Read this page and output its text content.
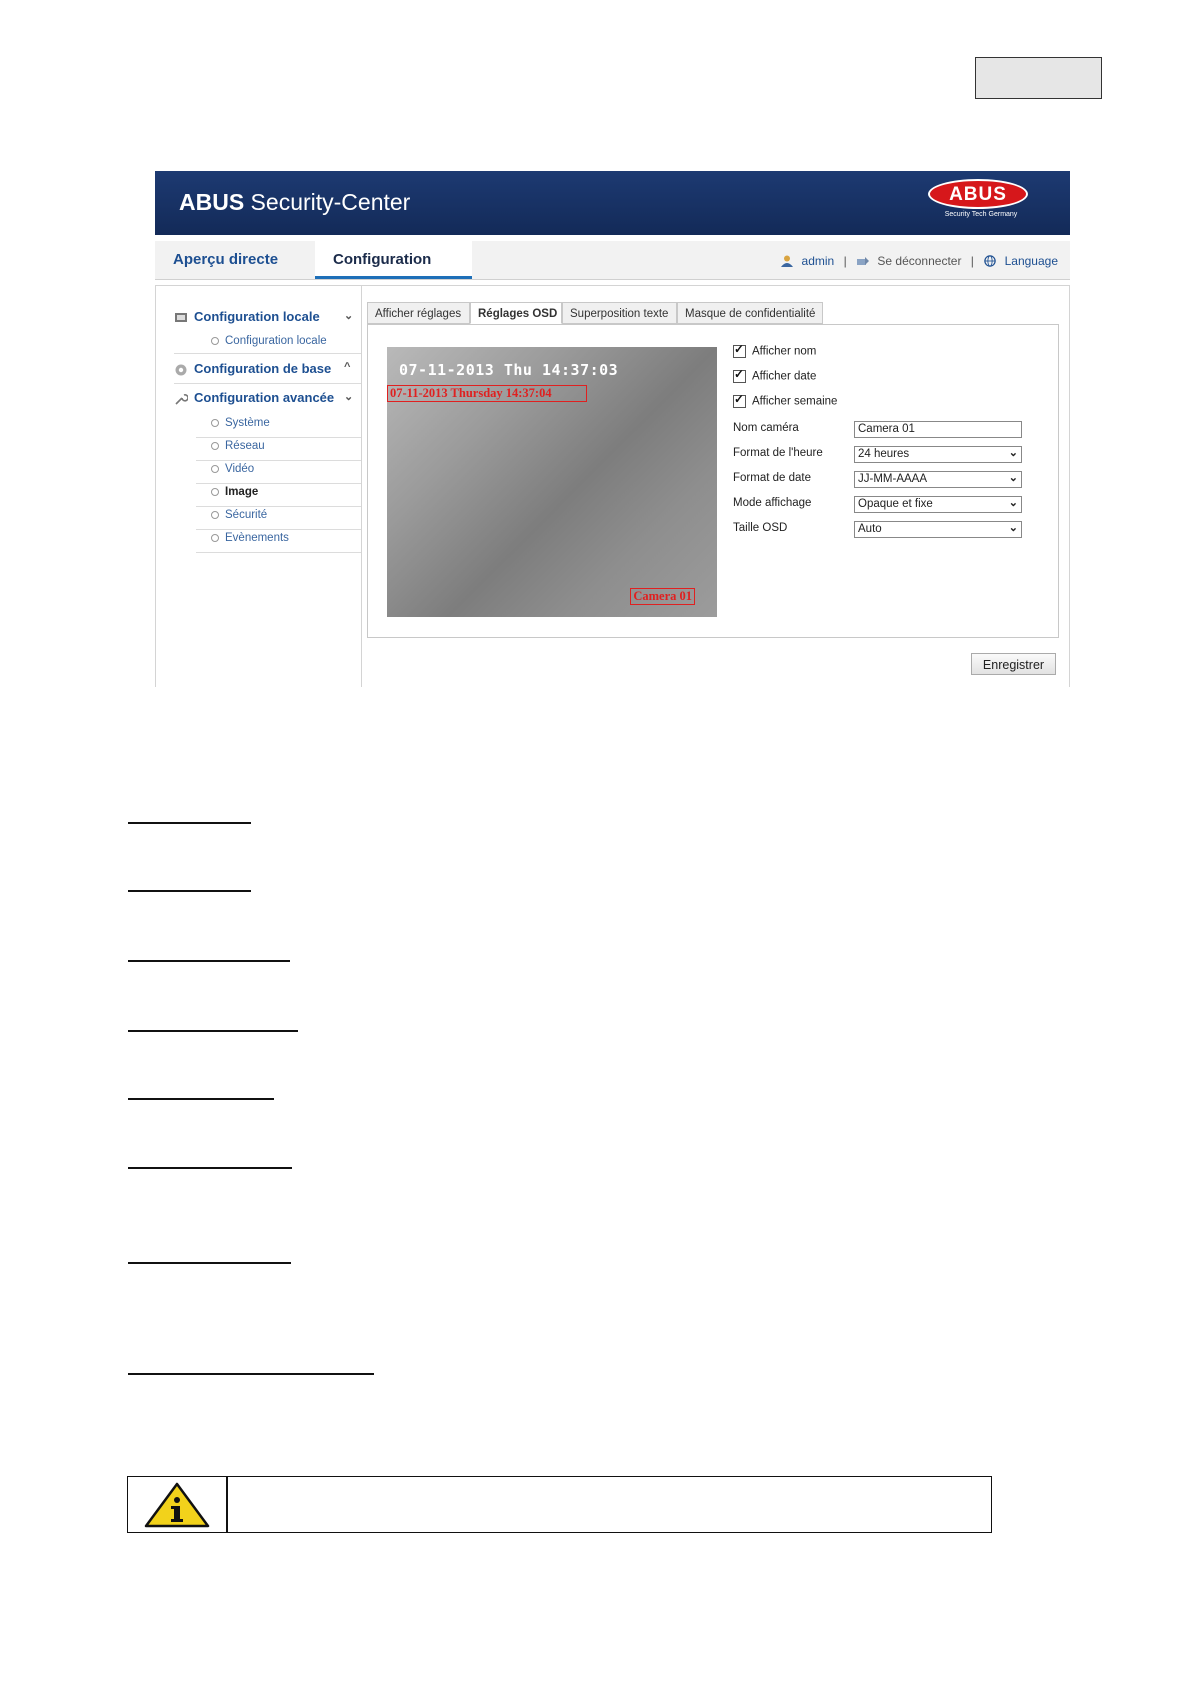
ABUS Security-Center	ABUS
Security Tech Germany
Aperçu directe	Configuration	admin |	Se déconnecter |	Language
Configuration locale ⌄
Configuration locale
Configuration de base ^
Configuration avancée ⌄
Système
Réseau
Vidéo
Image
Sécurité
Evènements
Afficher réglages	Réglages OSD	Superposition texte	Masque de confidentialité
07-11-2013 Thu 14:37:03
07-11-2013 Thursday 14:37:04
Camera 01
✓Afficher nom
✓Afficher date
✓Afficher semaine
Nom caméra	Camera 01
Format de l'heure	24 heures	⌄
Format de date	JJ-MM-AAAA	⌄
Mode affichage	Opaque et fixe	⌄
Taille OSD	Auto	⌄
Enregistrer
